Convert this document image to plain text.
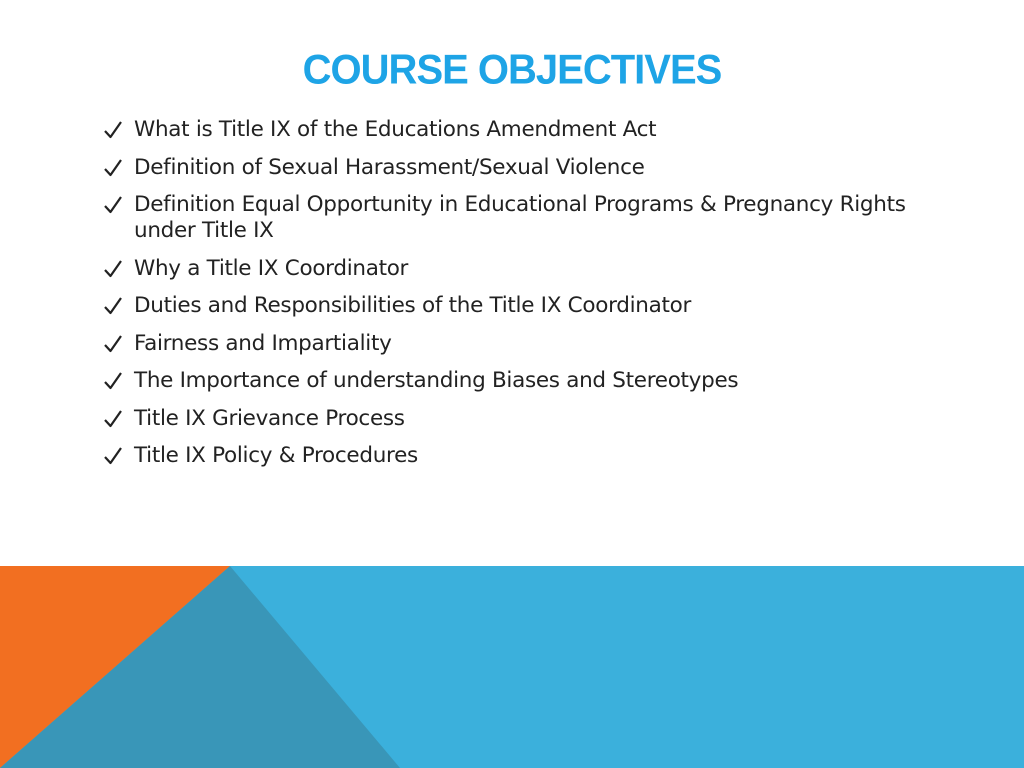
COURSE OBJECTIVES
What is Title IX of the Educations Amendment Act
Definition of Sexual Harassment/Sexual Violence
Definition Equal Opportunity in Educational Programs & Pregnancy Rights under Title IX
Why a Title IX Coordinator
Duties and Responsibilities of the Title IX Coordinator
Fairness and Impartiality
The Importance of understanding Biases and Stereotypes
Title IX Grievance Process
Title IX Policy & Procedures
